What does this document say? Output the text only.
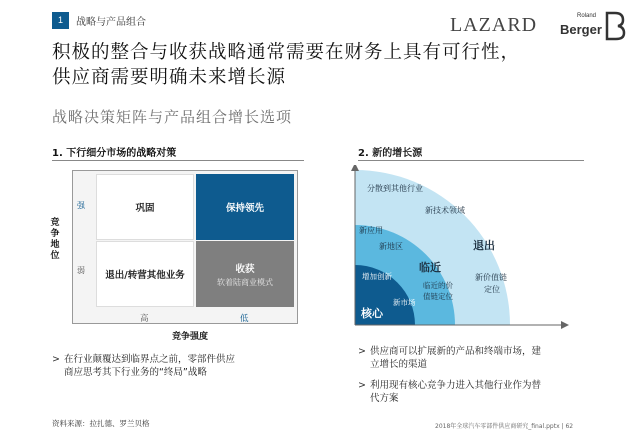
1	战略与产品组合	LAZARD	Roland
Berger
积极的整合与收获战略通常需要在财务上具有可行性，
供应商需要明确未来增长源
战略决策矩阵与产品组合增长选项
1. 下行细分市场的战略对策
巩固	保持领先
退出/转营其他业务
收获
软着陆商业模式
竞争地位
强
弱
高	低
竞争强度
> 在行业颠覆达到临界点之前，零部件供应
商应思考其下行业务的“终局”战略
2. 新的增长源
分散到其他行业
新技术领域
新应用
新地区	退出
增加创新
临近
新价值链
定位
临近的价
值链定位
新市场
核心
> 供应商可以扩展新的产品和终端市场，建
立增长的渠道
> 利用现有核心竞争力进入其他行业作为替
代方案
资料来源：拉扎德、罗兰贝格	2018年全球汽车零部件供应商研究_final.pptx | 62
